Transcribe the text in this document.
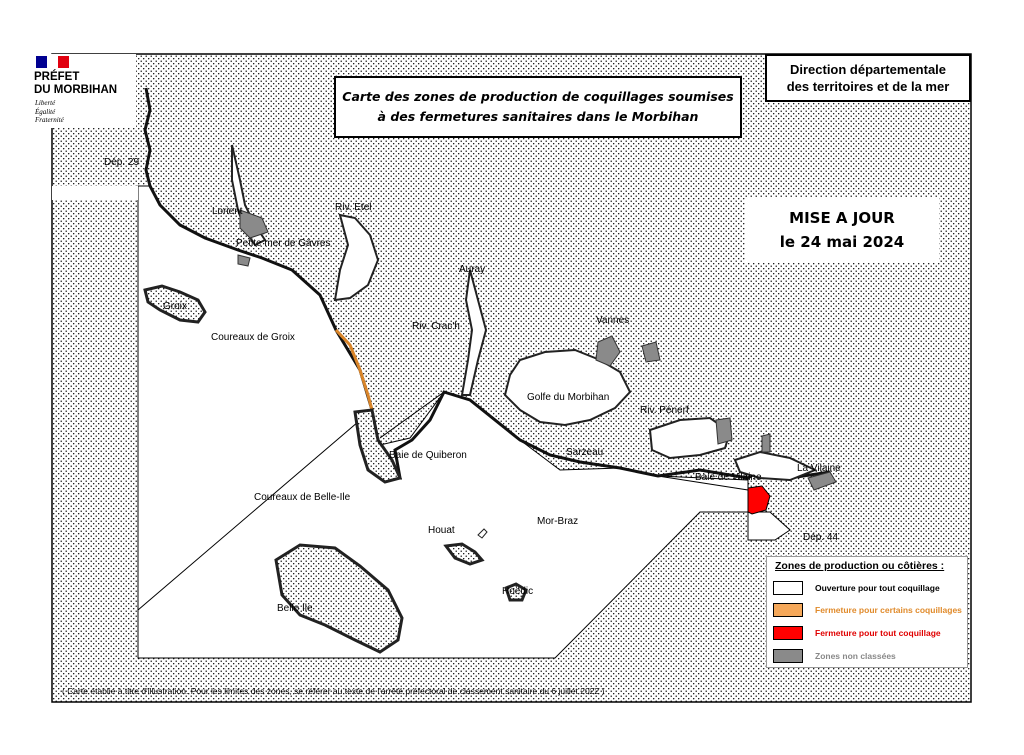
Dép. 29
Lorient
Petite mer de Gâvres
Riv. Etel
Auray
Groix
Coureaux de Groix
Riv. Crac'h
Vannes
Golfe du Morbihan
Riv. Pénerf
Sarzeau
Baie de Quiberon
Baie de Vilaine
La Vilaine
Coureaux de Belle-Ile
Mor-Braz
Houat
Hoëdic
Belle Ile
Dép. 44
PRÉFET
DU MORBIHAN
Liberté
Égalité
Fraternité
Carte des zones de production de coquillages soumises
à des fermetures sanitaires dans le Morbihan
Direction départementale
des territoires et de la mer
MISE A JOUR
le 24 mai 2024
Zones de production ou côtières :
Ouverture pour tout coquillage
Fermeture pour certains coquillages
Fermeture pour tout coquillage
Zones non classées
( Carte établie à titre d'illustration. Pour les limites des zones, se référer au texte de l'arrêté préfectoral de classement sanitaire du 6 juillet 2022 )
